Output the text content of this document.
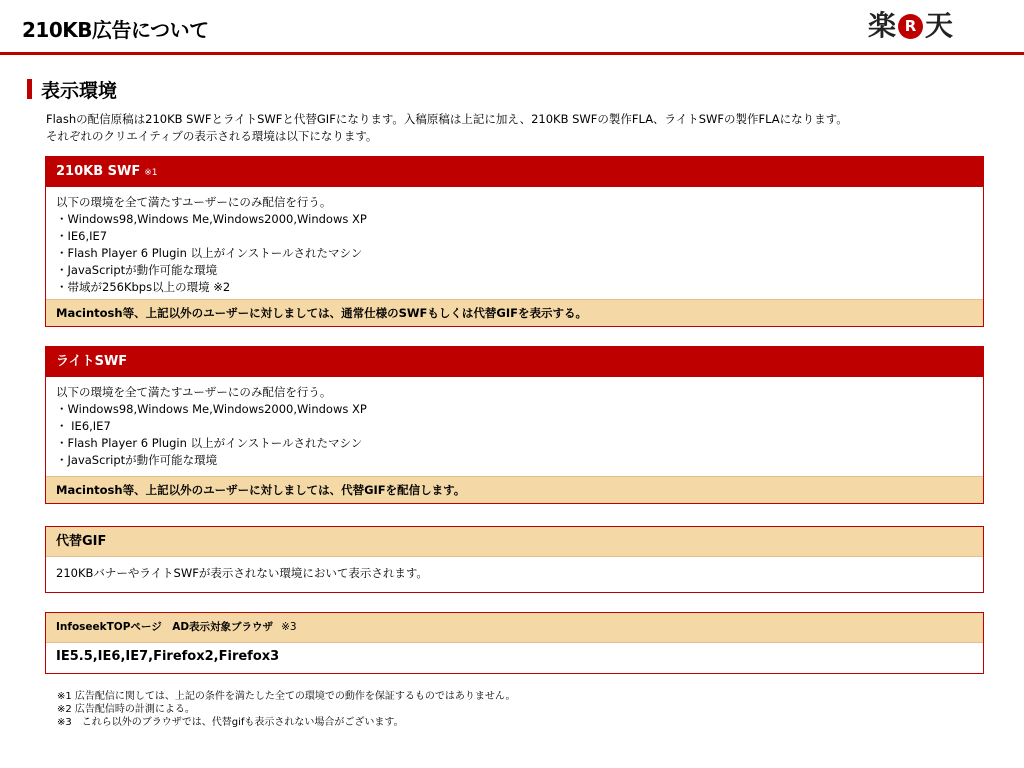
210KB広告について	楽 R 天
表示環境

Flashの配信原稿は210KB SWFとライトSWFと代替GIFになります。入稿原稿は上記に加え、210KB SWFの製作FLA、ライトSWFの製作FLAになります。

それぞれのクリエイティブの表示される環境は以下になります。

210KB SWF ※1
以下の環境を全て満たすユーザーにのみ配信を行う。
・Windows98,Windows Me,Windows2000,Windows XP
・IE6,IE7
・Flash Player 6 Plugin 以上がインストールされたマシン
・JavaScriptが動作可能な環境
・帯域が256Kbps以上の環境 ※2
Macintosh等、上記以外のユーザーに対しましては、通常仕様のSWFもしくは代替GIFを表示する。
ライトSWF
以下の環境を全て満たすユーザーにのみ配信を行う。
・Windows98,Windows Me,Windows2000,Windows XP
・ IE6,IE7
・Flash Player 6 Plugin 以上がインストールされたマシン
・JavaScriptが動作可能な環境
Macintosh等、上記以外のユーザーに対しましては、代替GIFを配信します。
代替GIF
210KBバナーやライトSWFが表示されない環境において表示されます。
InfoseekTOPページ　AD表示対象ブラウザ ※3
IE5.5,IE6,IE7,Firefox2,Firefox3
※1 広告配信に関しては、上記の条件を満たした全ての環境での動作を保証するものではありません。
※2 広告配信時の計測による。
※3　これら以外のブラウザでは、代替gifも表示されない場合がございます。
